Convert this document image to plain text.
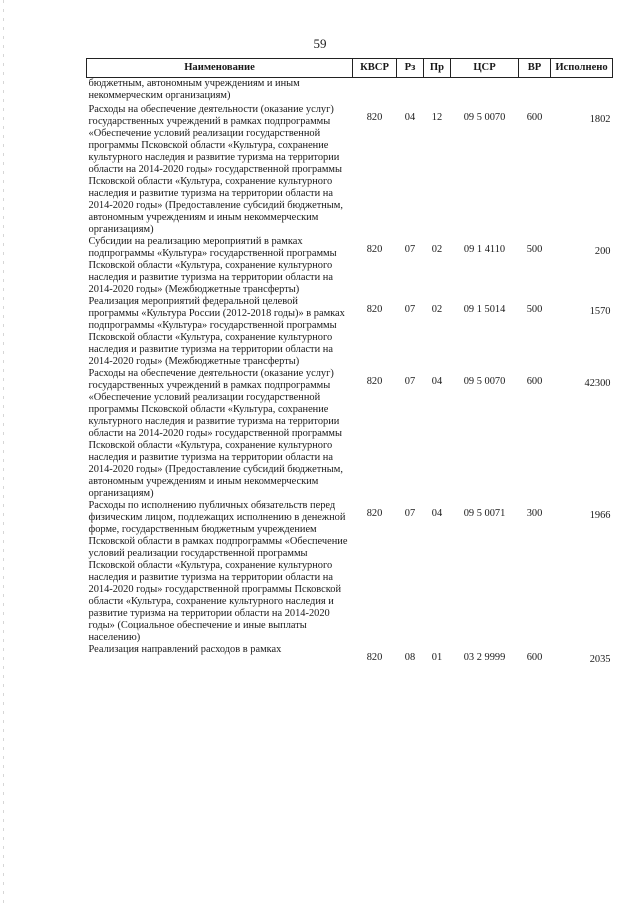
59
Наименование	КВСР	Рз	Пр	ЦСР	ВР	Исполнено
бюджетным, автономным учреждениям и иным некоммерческим организациям)						
Расходы на обеспечение деятельности (оказание услуг) государственных учреждений в рамках подпрограммы «Обеспечение условий реализации государственной программы Псковской области «Культура, сохранение культурного наследия и развитие туризма на территории области на 2014-2020 годы» государственной программы Псковской области «Культура, сохранение культурного наследия и развитие туризма на территории области на 2014-2020 годы» (Предоставление субсидий бюджетным, автономным учреждениям и иным некоммерческим организациям)	820	04	12	09 5 0070	600	1802
Субсидии на реализацию мероприятий в рамках подпрограммы «Культура» государственной программы Псковской области «Культура, сохранение культурного наследия и развитие туризма на территории области на 2014-2020 годы» (Межбюджетные трансферты)	820	07	02	09 1 4110	500	200
Реализация мероприятий федеральной целевой программы «Культура России (2012-2018 годы)» в рамках подпрограммы «Культура» государственной программы Псковской области «Культура, сохранение культурного наследия и развитие туризма на территории области на 2014-2020 годы» (Межбюджетные трансферты)	820	07	02	09 1 5014	500	1570
Расходы на обеспечение деятельности (оказание услуг) государственных учреждений в рамках подпрограммы «Обеспечение условий реализации государственной программы Псковской области «Культура, сохранение культурного наследия и развитие туризма на территории области на 2014-2020 годы» государственной программы Псковской области «Культура, сохранение культурного наследия и развитие туризма на территории области на 2014-2020 годы» (Предоставление субсидий бюджетным, автономным учреждениям и иным некоммерческим организациям)	820	07	04	09 5 0070	600	42300
Расходы по исполнению публичных обязательств перед физическим лицом, подлежащих исполнению в денежной форме, государственным бюджетным учреждением Псковской области в рамках подпрограммы «Обеспечение условий реализации государственной программы Псковской области «Культура, сохранение культурного наследия и развитие туризма на территории области на 2014-2020 годы» государственной программы Псковской области «Культура, сохранение культурного наследия и развитие туризма на территории области на 2014-2020 годы» (Социальное обеспечение и иные выплаты населению)	820	07	04	09 5 0071	300	1966
Реализация направлений расходов в рамках	820	08	01	03 2 9999	600	2035
